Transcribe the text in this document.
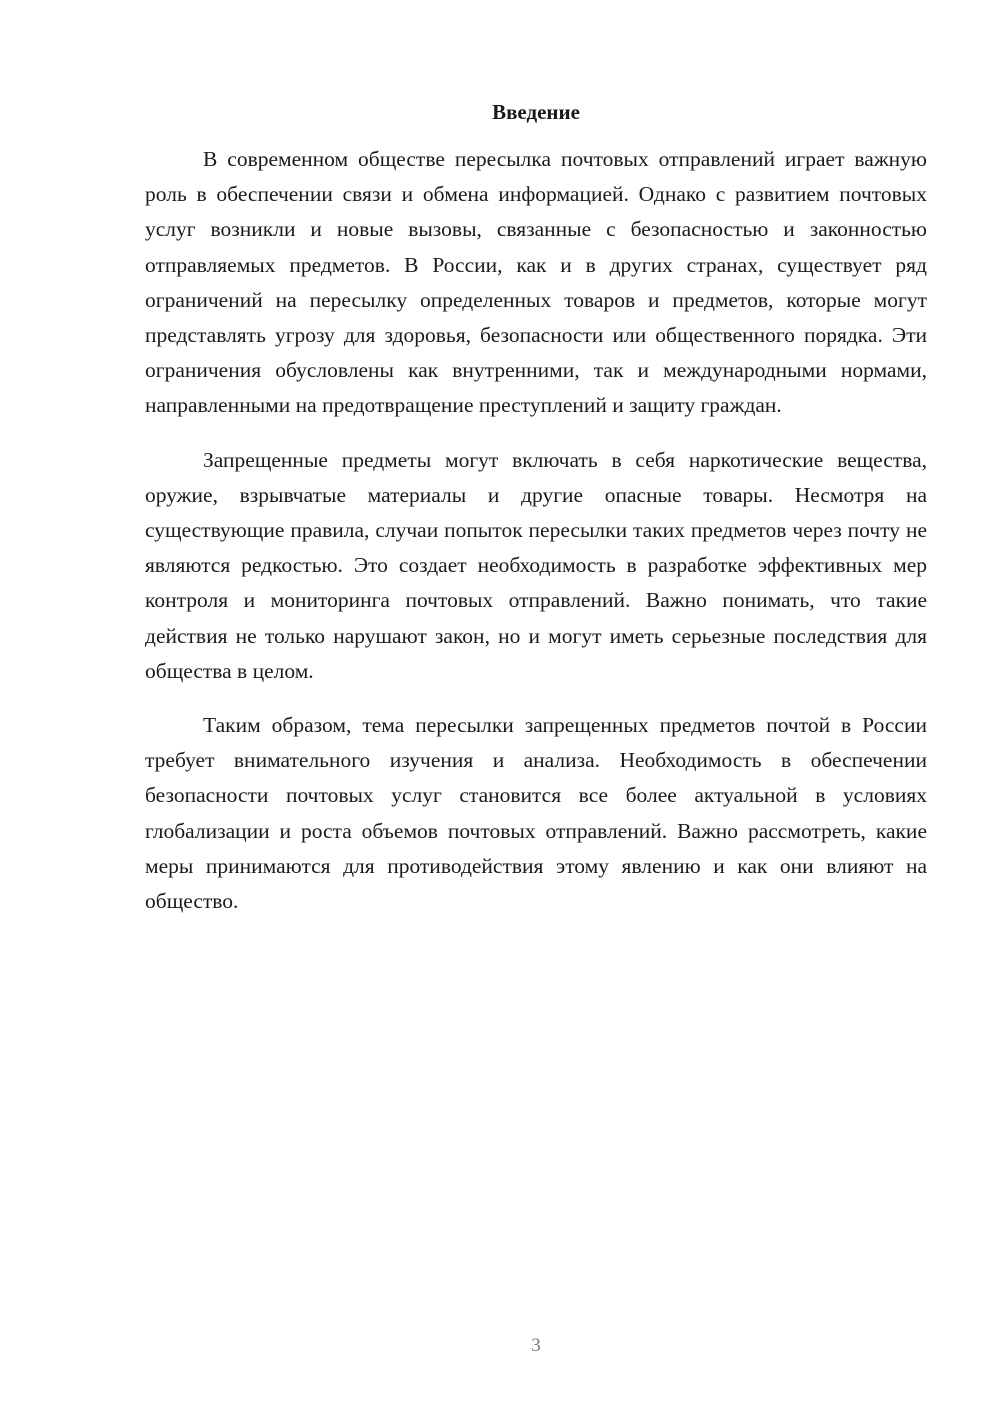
Введение

В современном обществе пересылка почтовых отправлений играет важную роль в обеспечении связи и обмена информацией. Однако с развитием почтовых услуг возникли и новые вызовы, связанные с безопасностью и законностью отправляемых предметов. В России, как и в других странах, существует ряд ограничений на пересылку определенных товаров и предметов, которые могут представлять угрозу для здоровья, безопасности или общественного порядка. Эти ограничения обусловлены как внутренними, так и международными нормами, направленными на предотвращение преступлений и защиту граждан.

Запрещенные предметы могут включать в себя наркотические вещества, оружие, взрывчатые материалы и другие опасные товары. Несмотря на существующие правила, случаи попыток пересылки таких предметов через почту не являются редкостью. Это создает необходимость в разработке эффективных мер контроля и мониторинга почтовых отправлений. Важно понимать, что такие действия не только нарушают закон, но и могут иметь серьезные последствия для общества в целом.

Таким образом, тема пересылки запрещенных предметов почтой в России требует внимательного изучения и анализа. Необходимость в обеспечении безопасности почтовых услуг становится все более актуальной в условиях глобализации и роста объемов почтовых отправлений. Важно рассмотреть, какие меры принимаются для противодействия этому явлению и как они влияют на общество.

3
